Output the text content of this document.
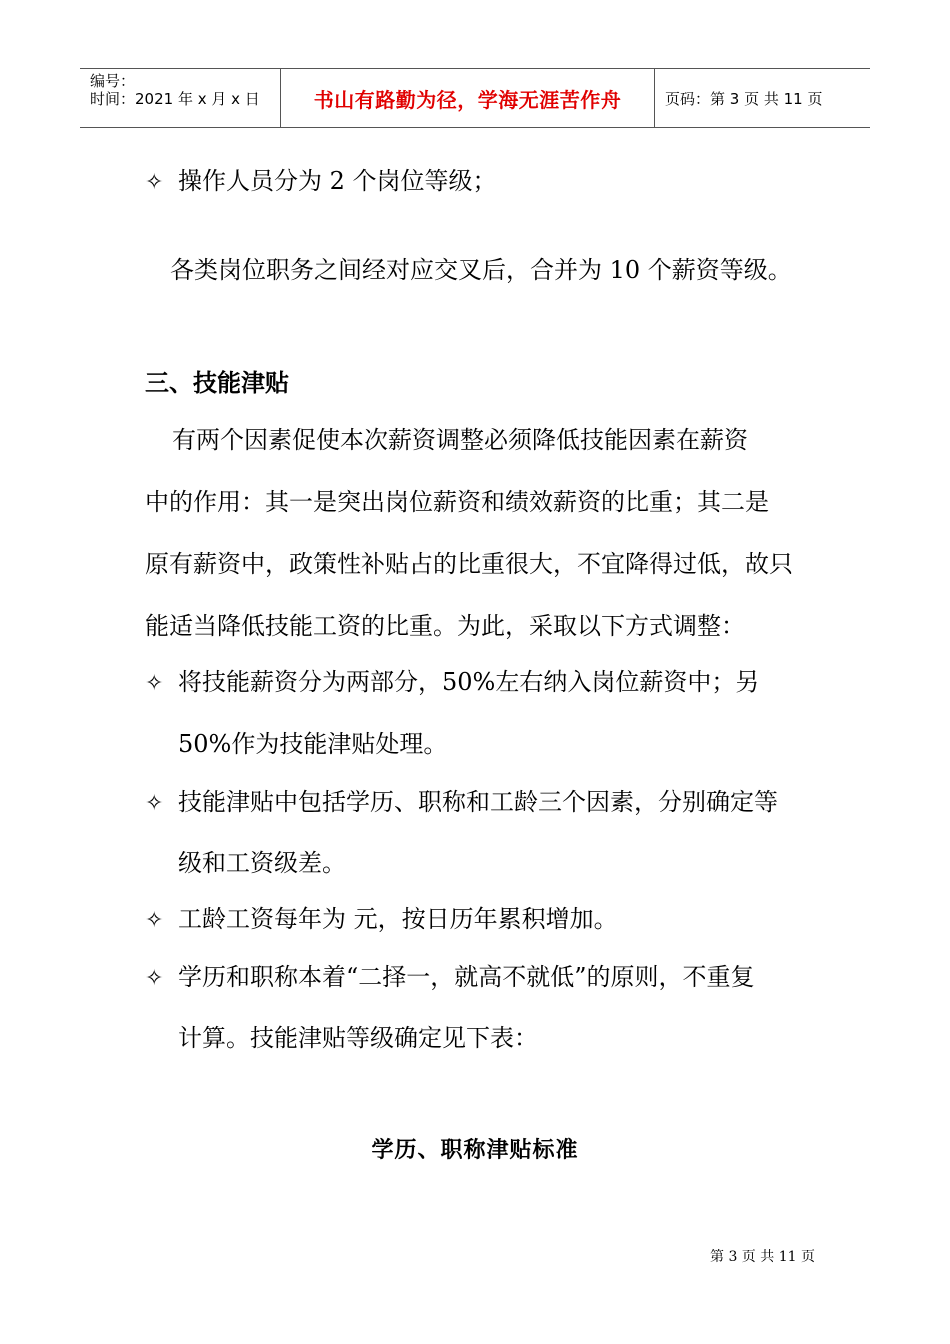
编号：
时间：2021 年 x 月 x 日	书山有路勤为径，学海无涯苦作舟	页码：第 3 页 共 11 页
✧ 操作人员分为 2 个岗位等级；
各类岗位职务之间经对应交叉后，合并为 10 个薪资等级。
三、技能津贴
有两个因素促使本次薪资调整必须降低技能因素在薪资
中的作用：其一是突出岗位薪资和绩效薪资的比重；其二是
原有薪资中，政策性补贴占的比重很大，不宜降得过低，故只
能适当降低技能工资的比重。为此，采取以下方式调整：
✧ 将技能薪资分为两部分，50%左右纳入岗位薪资中；另
50%作为技能津贴处理。
✧ 技能津贴中包括学历、职称和工龄三个因素，分别确定等
级和工资级差。
✧ 工龄工资每年为 元，按日历年累积增加。
✧ 学历和职称本着“二择一，就高不就低”的原则，不重复
计算。技能津贴等级确定见下表：
学历、职称津贴标准
第 3 页 共 11 页
